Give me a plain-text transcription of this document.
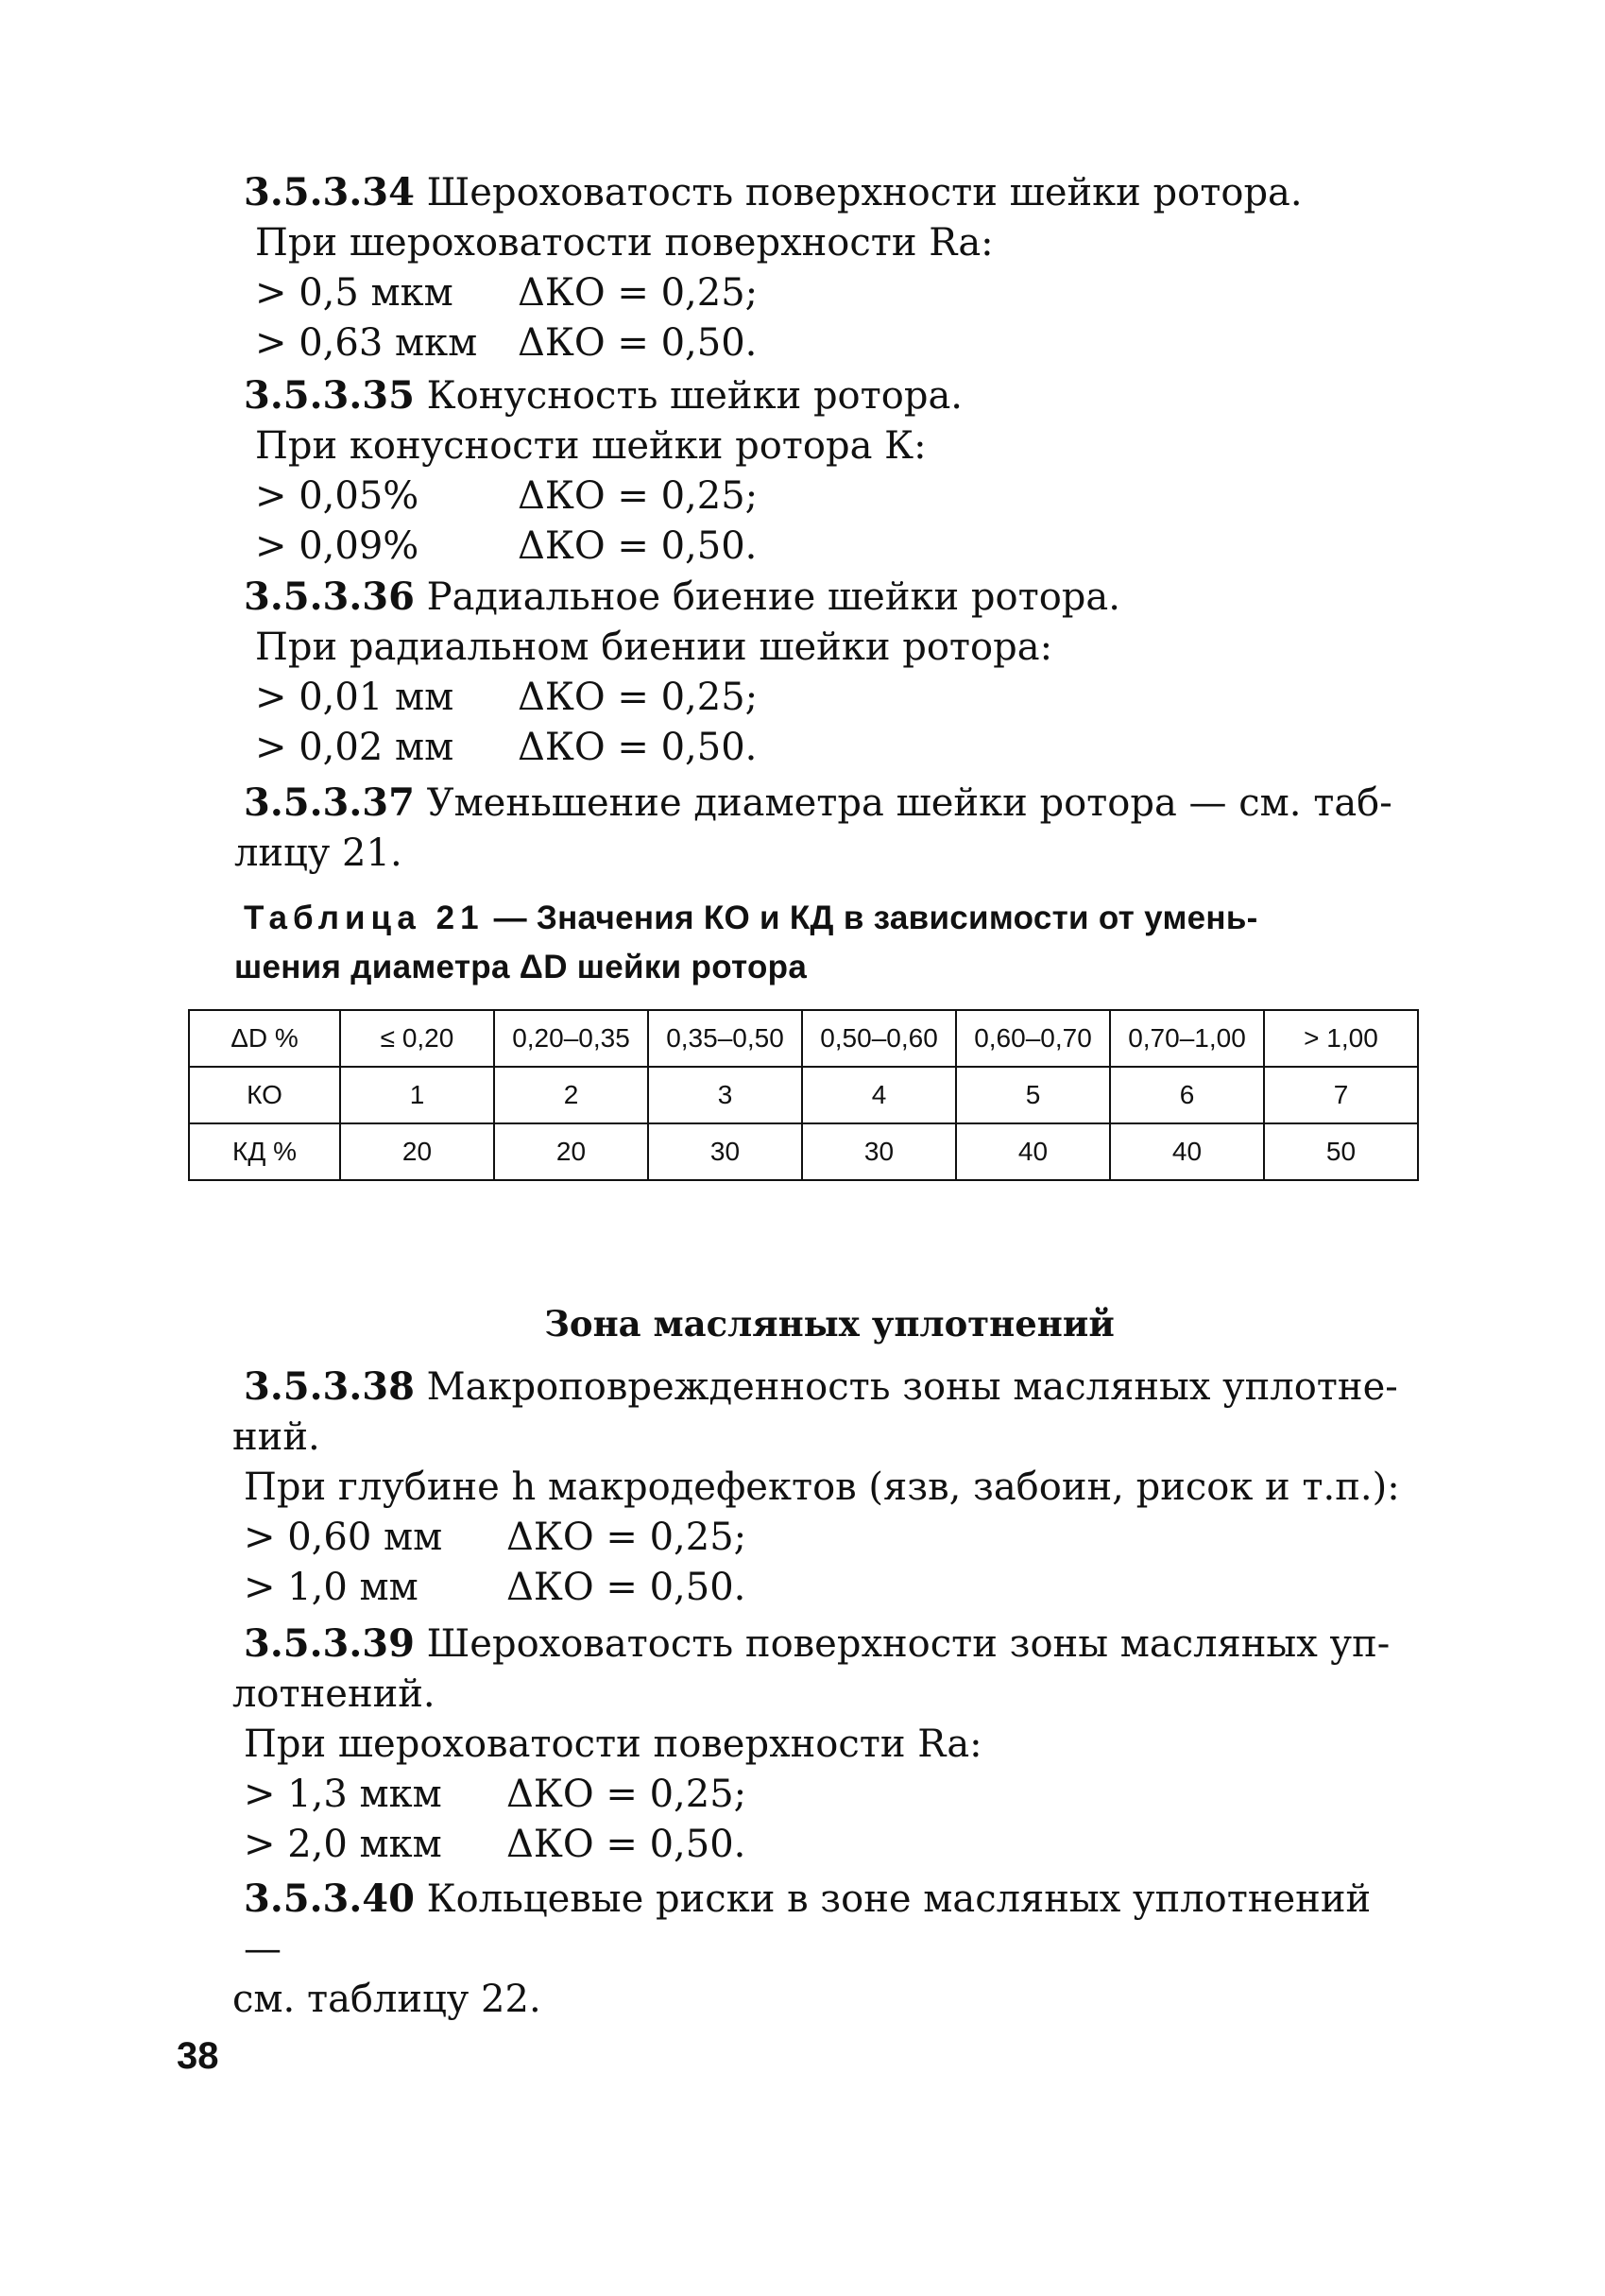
3.5.3.34 Шероховатость поверхности шейки ротора.

При шероховатости поверхности Ra:

> 0,5 мкм ΔКО = 0,25;

> 0,63 мкм ΔКО = 0,50.

3.5.3.35 Конусность шейки ротора.

При конусности шейки ротора К:

> 0,05%	ΔКО = 0,25;

> 0,09%	ΔКО = 0,50.

3.5.3.36 Радиальное биение шейки ротора.

При радиальном биении шейки ротора:

> 0,01 мм ΔКО = 0,25;

> 0,02 мм ΔКО = 0,50.

3.5.3.37 Уменьшение диаметра шейки ротора — см. таб-

лицу 21.

Таблица 21 — Значения КО и КД в зависимости от умень-

шения диаметра ΔD шейки ротора

ΔD %	≤ 0,20	0,20–0,35	0,35–0,50	0,50–0,60	0,60–0,70	0,70–1,00	> 1,00
КО	1	2	3	4	5	6	7
КД %	20	20	30	30	40	40	50

Зона масляных уплотнений

3.5.3.38 Макроповрежденность зоны масляных уплотне-

ний.

При глубине h макродефектов (язв, забоин, рисок и т.п.):

> 0,60 мм ΔКО = 0,25;

> 1,0 мм ΔКО = 0,50.

3.5.3.39 Шероховатость поверхности зоны масляных уп-

лотнений.

При шероховатости поверхности Ra:

> 1,3 мкм ΔКО = 0,25;

> 2,0 мкм ΔКО = 0,50.

3.5.3.40 Кольцевые риски в зоне масляных уплотнений —

см. таблицу 22.

38
